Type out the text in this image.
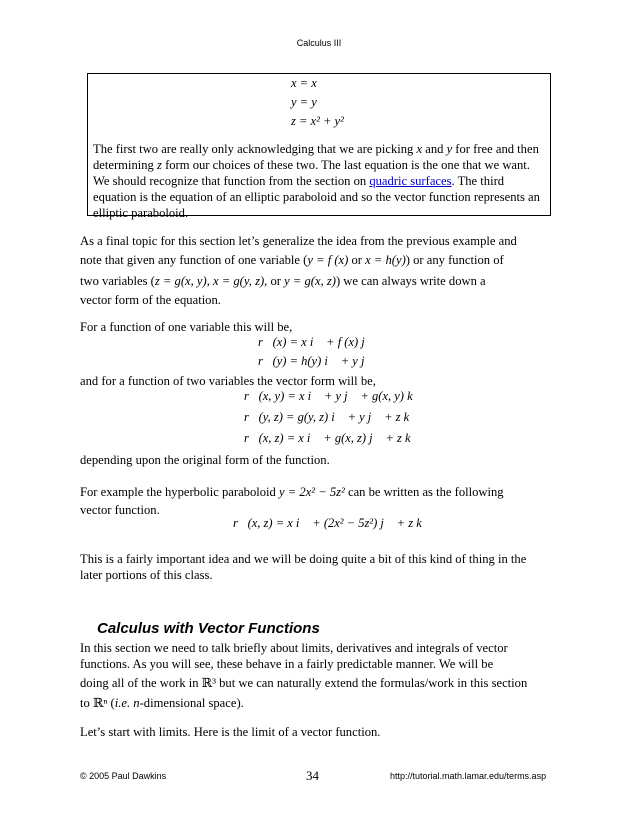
Calculus III
x = x
y = y
z = x² + y²
The first two are really only acknowledging that we are picking x and y for free and then determining z form our choices of these two. The last equation is the one that we want. We should recognize that function from the section on quadric surfaces. The third equation is the equation of an elliptic paraboloid and so the vector function represents an elliptic paraboloid.
As a final topic for this section let’s generalize the idea from the previous example and
note that given any function of one variable (y = f (x) or x = h(y)) or any function of
two variables (z = g(x, y), x = g(y, z), or y = g(x, z)) we can always write down a
vector form of the equation.
For a function of one variable this will be,
r⃗(x) = x i⃗ + f (x) j⃗
r⃗(y) = h(y) i⃗ + y j⃗
and for a function of two variables the vector form will be,
r⃗(x, y) = x i⃗ + y j⃗ + g(x, y) k⃗
r⃗(y, z) = g(y, z) i⃗ + y j⃗ + z k⃗
r⃗(x, z) = x i⃗ + g(x, z) j⃗ + z k⃗
depending upon the original form of the function.
For example the hyperbolic paraboloid y = 2x² − 5z² can be written as the following
vector function.
r⃗(x, z) = x i⃗ + (2x² − 5z²) j⃗ + z k⃗
This is a fairly important idea and we will be doing quite a bit of this kind of thing in the
later portions of this class.
Calculus with Vector Functions
In this section we need to talk briefly about limits, derivatives and integrals of vector
functions. As you will see, these behave in a fairly predictable manner. We will be
doing all of the work in ℝ³ but we can naturally extend the formulas/work in this section
to ℝⁿ (i.e. n-dimensional space).
Let’s start with limits. Here is the limit of a vector function.
© 2005 Paul Dawkins	34	http://tutorial.math.lamar.edu/terms.asp
